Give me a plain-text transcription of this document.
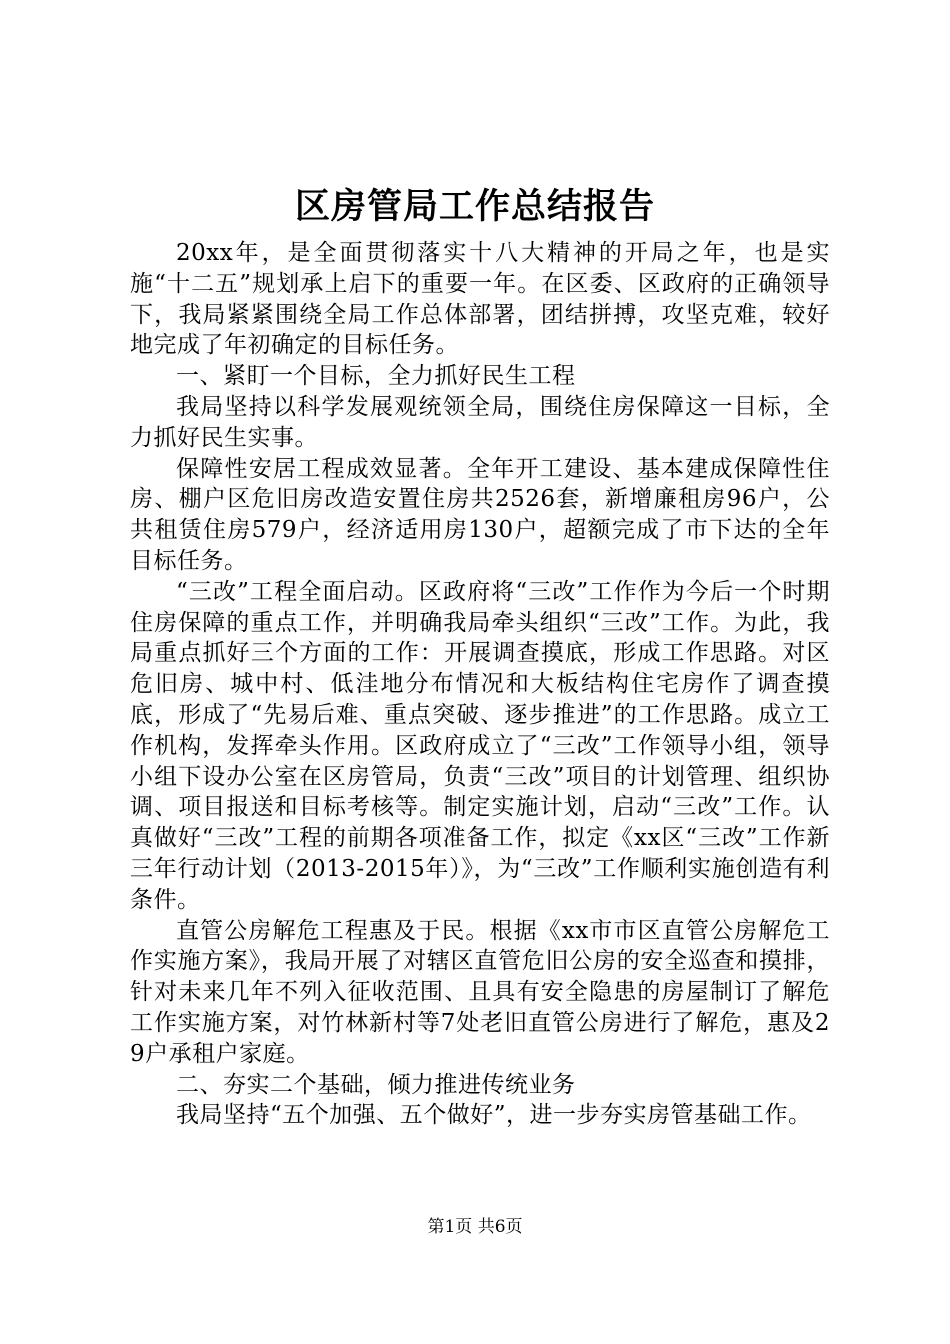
区房管局工作总结报告

20xx年，是全面贯彻落实十八大精神的开局之年，也是实施“十二五”规划承上启下的重要一年。在区委、区政府的正确领导下，我局紧紧围绕全局工作总体部署，团结拼搏，攻坚克难，较好地完成了年初确定的目标任务。

一、紧盯一个目标，全力抓好民生工程

我局坚持以科学发展观统领全局，围绕住房保障这一目标，全力抓好民生实事。

保障性安居工程成效显著。全年开工建设、基本建成保障性住房、棚户区危旧房改造安置住房共2526套，新增廉租房96户，公共租赁住房579户，经济适用房130户，超额完成了市下达的全年目标任务。

“三改”工程全面启动。区政府将“三改”工作作为今后一个时期住房保障的重点工作，并明确我局牵头组织“三改”工作。为此，我局重点抓好三个方面的工作：开展调查摸底，形成工作思路。对区危旧房、城中村、低洼地分布情况和大板结构住宅房作了调查摸底，形成了“先易后难、重点突破、逐步推进”的工作思路。成立工作机构，发挥牵头作用。区政府成立了“三改”工作领导小组，领导小组下设办公室在区房管局，负责“三改”项目的计划管理、组织协调、项目报送和目标考核等。制定实施计划，启动“三改”工作。认真做好“三改”工程的前期各项准备工作，拟定《xx区“三改”工作新三年行动计划（2013-2015年）》，为“三改”工作顺利实施创造有利条件。

直管公房解危工程惠及于民。根据《xx市市区直管公房解危工作实施方案》，我局开展了对辖区直管危旧公房的安全巡查和摸排，针对未来几年不列入征收范围、且具有安全隐患的房屋制订了解危工作实施方案，对竹林新村等7处老旧直管公房进行了解危，惠及29户承租户家庭。

二、夯实二个基础，倾力推进传统业务

我局坚持“五个加强、五个做好”，进一步夯实房管基础工作。

第1页 共6页
